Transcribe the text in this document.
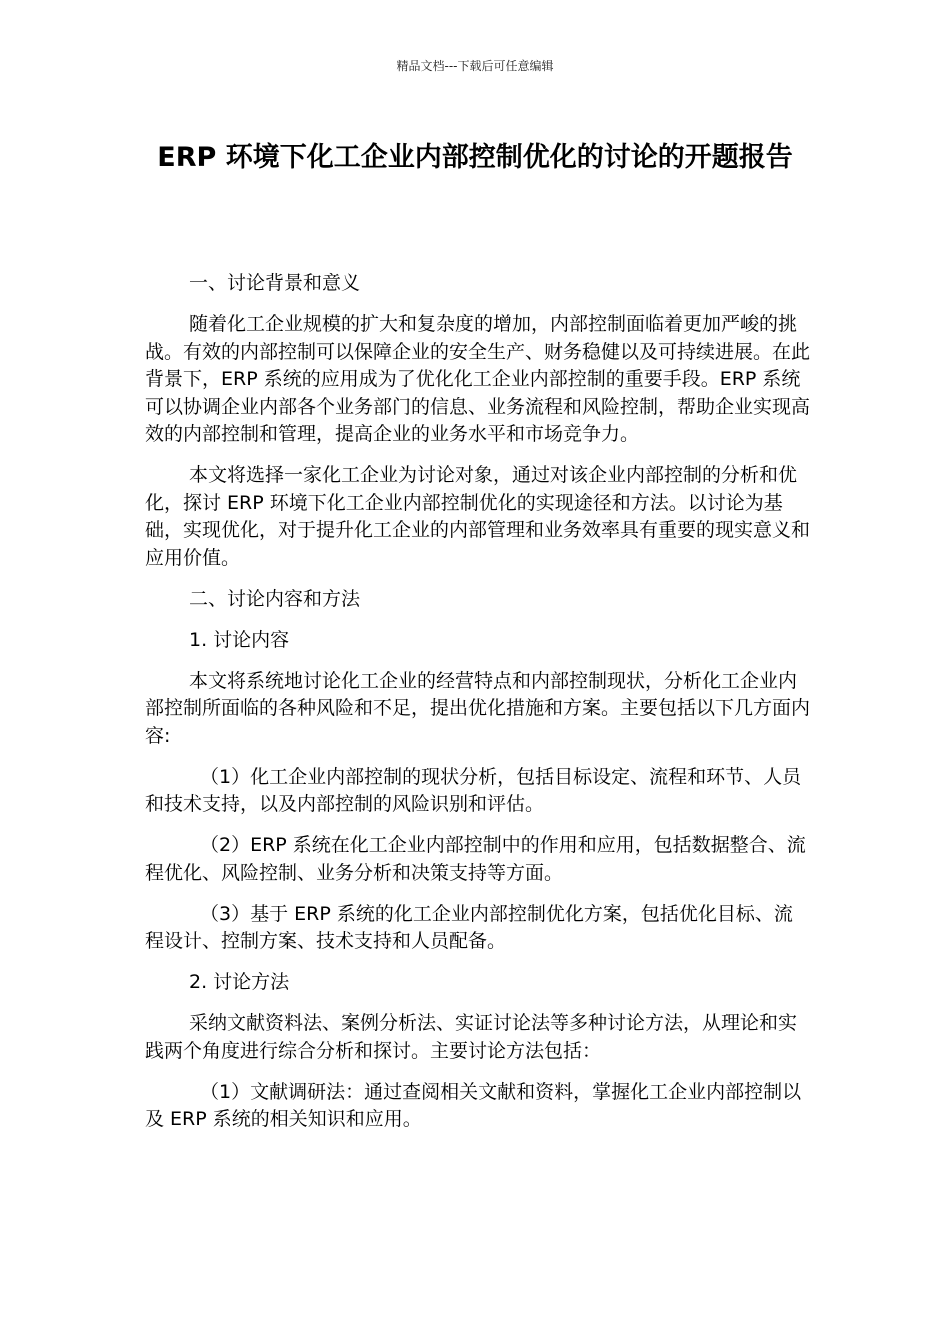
精品文档---下载后可任意编辑
ERP 环境下化工企业内部控制优化的讨论的开题报告

一、讨论背景和意义

随着化工企业规模的扩大和复杂度的增加，内部控制面临着更加严峻的挑战。有效的内部控制可以保障企业的安全生产、财务稳健以及可持续进展。在此背景下，ERP 系统的应用成为了优化化工企业内部控制的重要手段。ERP 系统可以协调企业内部各个业务部门的信息、业务流程和风险控制，帮助企业实现高效的内部控制和管理，提高企业的业务水平和市场竞争力。

本文将选择一家化工企业为讨论对象，通过对该企业内部控制的分析和优化，探讨 ERP 环境下化工企业内部控制优化的实现途径和方法。以讨论为基础，实现优化，对于提升化工企业的内部管理和业务效率具有重要的现实意义和应用价值。

二、讨论内容和方法

1. 讨论内容

本文将系统地讨论化工企业的经营特点和内部控制现状，分析化工企业内部控制所面临的各种风险和不足，提出优化措施和方案。主要包括以下几方面内容:

（1）化工企业内部控制的现状分析，包括目标设定、流程和环节、人员和技术支持，以及内部控制的风险识别和评估。

（2）ERP 系统在化工企业内部控制中的作用和应用，包括数据整合、流程优化、风险控制、业务分析和决策支持等方面。

（3）基于 ERP 系统的化工企业内部控制优化方案，包括优化目标、流程设计、控制方案、技术支持和人员配备。

2. 讨论方法

采纳文献资料法、案例分析法、实证讨论法等多种讨论方法，从理论和实践两个角度进行综合分析和探讨。主要讨论方法包括：

（1）文献调研法：通过查阅相关文献和资料，掌握化工企业内部控制以及 ERP 系统的相关知识和应用。
